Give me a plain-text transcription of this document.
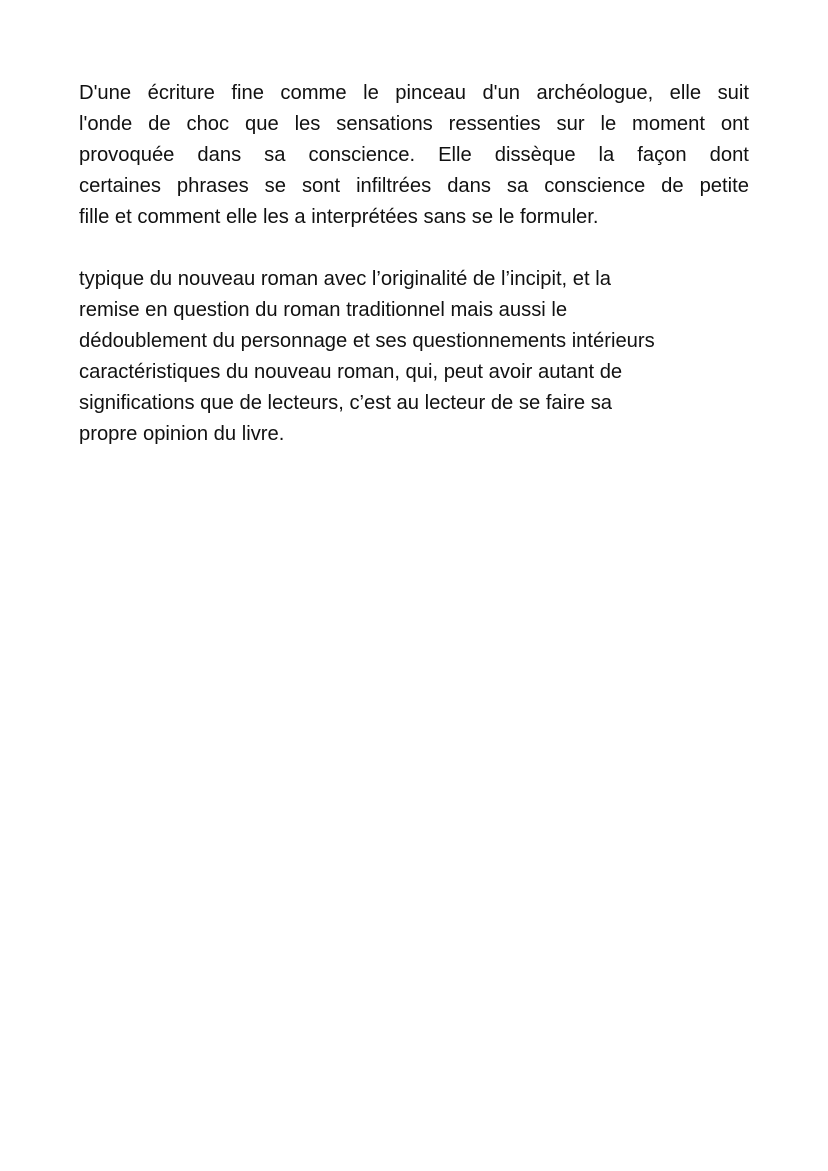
D'une écriture fine comme le pinceau d'un archéologue, elle suit
l'onde de choc que les sensations ressenties sur le moment ont
provoquée dans sa conscience. Elle dissèque la façon dont
certaines phrases se sont infiltrées dans sa conscience de petite
fille et comment elle les a interprétées sans se le formuler.
typique du nouveau roman avec l’originalité de l’incipit, et la
remise en question du roman traditionnel mais aussi le
dédoublement du personnage et ses questionnements intérieurs
caractéristiques du nouveau roman, qui, peut avoir autant de
significations que de lecteurs, c’est au lecteur de se faire sa
propre opinion du livre.
